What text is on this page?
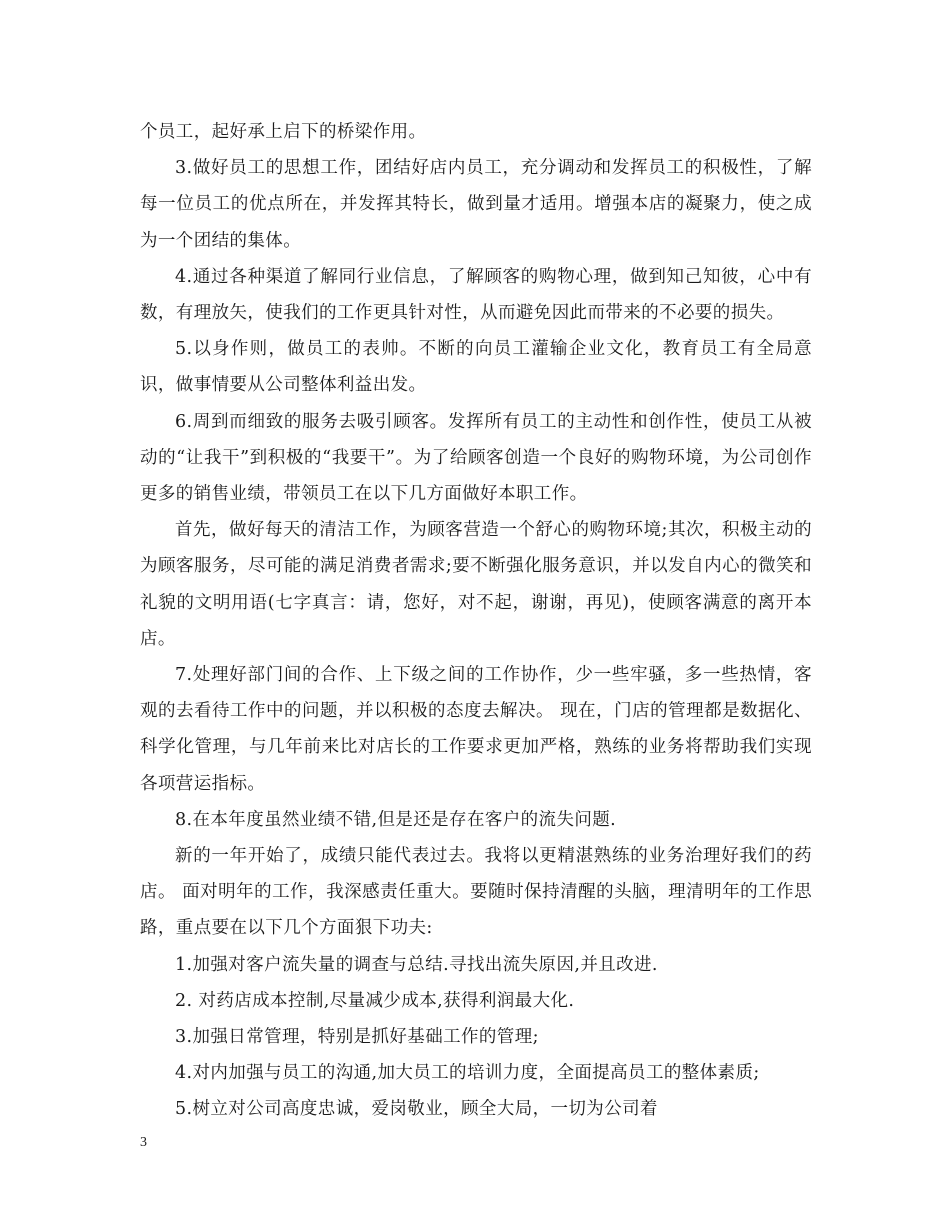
个员工，起好承上启下的桥梁作用。

3.做好员工的思想工作，团结好店内员工，充分调动和发挥员工的积极性，了解每一位员工的优点所在，并发挥其特长，做到量才适用。增强本店的凝聚力，使之成为一个团结的集体。

4.通过各种渠道了解同行业信息，了解顾客的购物心理，做到知己知彼，心中有数，有理放矢，使我们的工作更具针对性，从而避免因此而带来的不必要的损失。

5.以身作则，做员工的表帅。不断的向员工灌输企业文化，教育员工有全局意识，做事情要从公司整体利益出发。

6.周到而细致的服务去吸引顾客。发挥所有员工的主动性和创作性，使员工从被动的“让我干”到积极的“我要干”。为了给顾客创造一个良好的购物环境，为公司创作更多的销售业绩，带领员工在以下几方面做好本职工作。

首先，做好每天的清洁工作，为顾客营造一个舒心的购物环境;其次，积极主动的为顾客服务，尽可能的满足消费者需求;要不断强化服务意识，并以发自内心的微笑和礼貌的文明用语(七字真言：请，您好，对不起，谢谢，再见)，使顾客满意的离开本店。

7.处理好部门间的合作、上下级之间的工作协作，少一些牢骚，多一些热情，客观的去看待工作中的问题，并以积极的态度去解决。 现在，门店的管理都是数据化、科学化管理，与几年前来比对店长的工作要求更加严格，熟练的业务将帮助我们实现各项营运指标。

8.在本年度虽然业绩不错,但是还是存在客户的流失问题.

新的一年开始了，成绩只能代表过去。我将以更精湛熟练的业务治理好我们的药店。 面对明年的工作，我深感责任重大。要随时保持清醒的头脑，理清明年的工作思路，重点要在以下几个方面狠下功夫:

1.加强对客户流失量的调查与总结.寻找出流失原因,并且改进.

2. 对药店成本控制,尽量减少成本,获得利润最大化.

3.加强日常管理，特别是抓好基础工作的管理;

4.对内加强与员工的沟通,加大员工的培训力度，全面提高员工的整体素质;

5.树立对公司高度忠诚，爱岗敬业，顾全大局，一切为公司着

3
